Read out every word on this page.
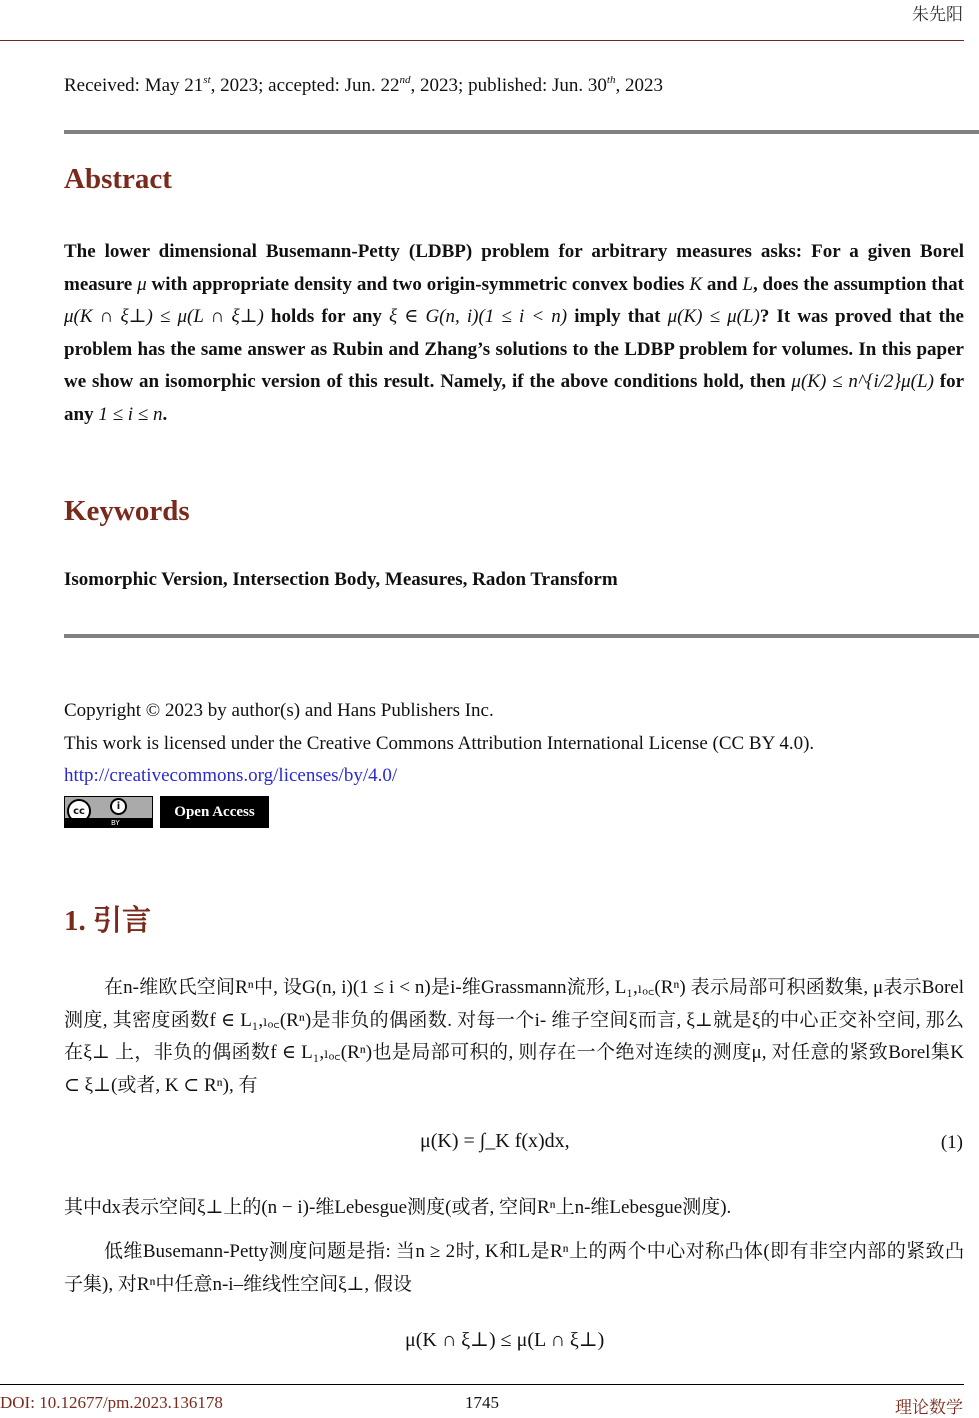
朱先阳
Received: May 21st, 2023; accepted: Jun. 22nd, 2023; published: Jun. 30th, 2023
Abstract
The lower dimensional Busemann-Petty (LDBP) problem for arbitrary measures asks: For a given Borel measure μ with appropriate density and two origin-symmetric convex bodies K and L, does the assumption that μ(K ∩ ξ⊥) ≤ μ(L ∩ ξ⊥) holds for any ξ ∈ G(n, i)(1 ≤ i < n) imply that μ(K) ≤ μ(L)? It was proved that the problem has the same answer as Rubin and Zhang’s solutions to the LDBP problem for volumes. In this paper we show an isomorphic version of this result. Namely, if the above conditions hold, then μ(K) ≤ n^{i/2}μ(L) for any 1 ≤ i ≤ n.
Keywords
Isomorphic Version, Intersection Body, Measures, Radon Transform
Copyright © 2023 by author(s) and Hans Publishers Inc.
This work is licensed under the Creative Commons Attribution International License (CC BY 4.0).
http://creativecommons.org/licenses/by/4.0/
cc	i
BY
Open Access
1. 引言
在n-维欧氏空间Rⁿ中, 设G(n, i)(1 ≤ i < n)是i-维Grassmann流形, L₁,ₗₒ꜀(Rⁿ) 表示局部可积函数集, μ表示Borel测度, 其密度函数f ∈ L₁,ₗₒ꜀(Rⁿ)是非负的偶函数. 对每一个i- 维子空间ξ而言, ξ⊥就是ξ的中心正交补空间, 那么在ξ⊥ 上，非负的偶函数f ∈ L₁,ₗₒ꜀(Rⁿ)也是局部可积的, 则存在一个绝对连续的测度μ, 对任意的紧致Borel集K ⊂ ξ⊥(或者, K ⊂ Rⁿ), 有
μ(K) = ∫_K f(x)dx,	(1)
其中dx表示空间ξ⊥上的(n − i)-维Lebesgue测度(或者, 空间Rⁿ上n-维Lebesgue测度).
低维Busemann-Petty测度问题是指: 当n ≥ 2时, K和L是Rⁿ上的两个中心对称凸体(即有非空内部的紧致凸子集), 对Rⁿ中任意n-i–维线性空间ξ⊥, 假设
μ(K ∩ ξ⊥) ≤ μ(L ∩ ξ⊥)
DOI: 10.12677/pm.2023.136178	1745	理论数学
